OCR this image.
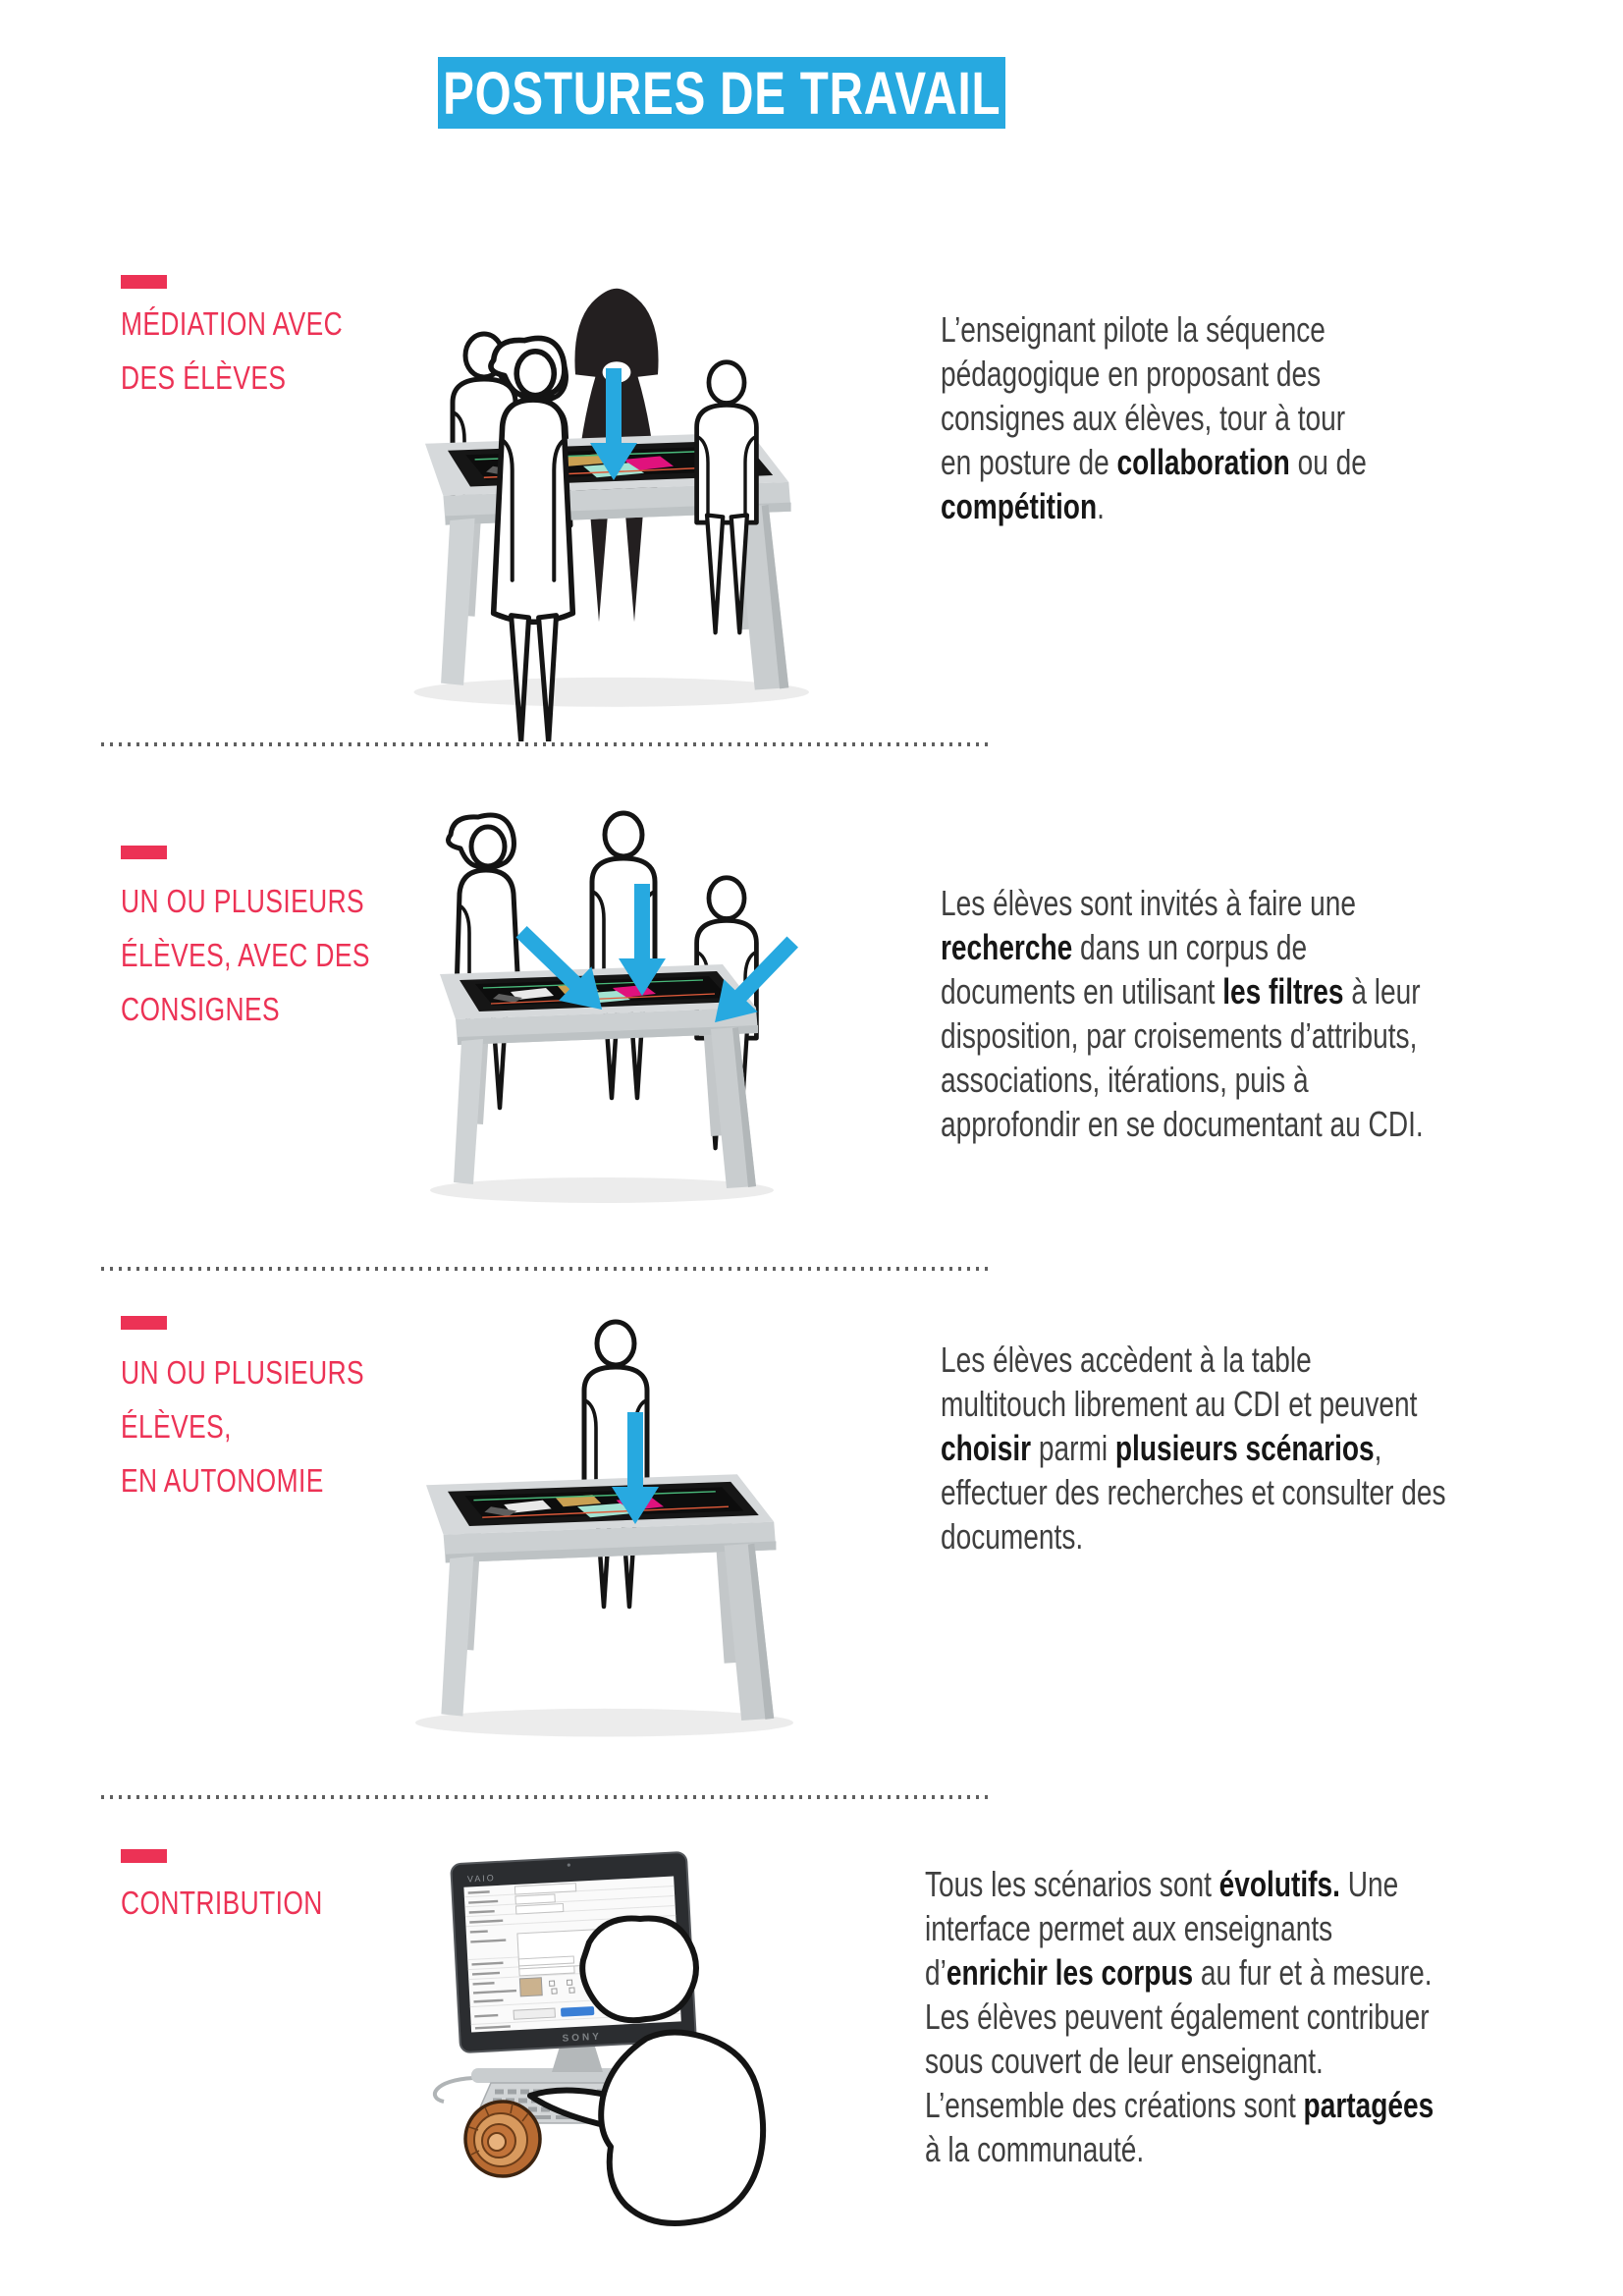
POSTURES DE TRAVAIL
MÉDIATION AVEC
DES ÉLÈVES
L’enseignant pilote la séquence
pédagogique en proposant des
consignes aux élèves, tour à tour
en posture de collaboration ou de
compétition.
UN OU PLUSIEURS
ÉLÈVES, AVEC DES
CONSIGNES
Les élèves sont invités à faire une
recherche dans un corpus de
documents en utilisant les filtres à leur
disposition, par croisements d’attributs,
associations, itérations, puis à
approfondir en se documentant au CDI.
UN OU PLUSIEURS
ÉLÈVES,
EN AUTONOMIE
Les élèves accèdent à la table
multitouch librement au CDI et peuvent
choisir parmi plusieurs scénarios,
effectuer des recherches et consulter des
documents.
CONTRIBUTION
VAIO
SONY
Tous les scénarios sont évolutifs. Une
interface permet aux enseignants
d’enrichir les corpus au fur et à mesure.
Les élèves peuvent également contribuer
sous couvert de leur enseignant.
L’ensemble des créations sont partagées
à la communauté.
